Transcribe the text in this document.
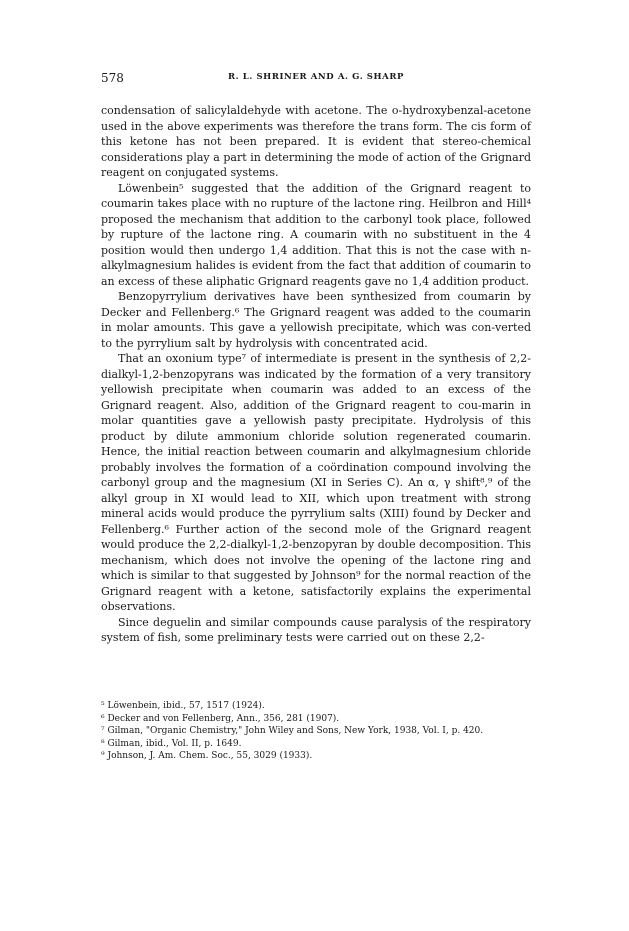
578	R. L. SHRINER AND A. G. SHARP

condensation of salicylaldehyde with acetone. The o-hydroxybenzal-acetone used in the above experiments was therefore the trans form. The cis form of this ketone has not been prepared. It is evident that stereo-chemical considerations play a part in determining the mode of action of the Grignard reagent on conjugated systems.

Löwenbein⁵ suggested that the addition of the Grignard reagent to coumarin takes place with no rupture of the lactone ring. Heilbron and Hill⁴ proposed the mechanism that addition to the carbonyl took place, followed by rupture of the lactone ring. A coumarin with no substituent in the 4 position would then undergo 1,4 addition. That this is not the case with n-alkylmagnesium halides is evident from the fact that addition of coumarin to an excess of these aliphatic Grignard reagents gave no 1,4 addition product.

Benzopyrrylium derivatives have been synthesized from coumarin by Decker and Fellenberg.⁶ The Grignard reagent was added to the coumarin in molar amounts. This gave a yellowish precipitate, which was con-verted to the pyrrylium salt by hydrolysis with concentrated acid.

That an oxonium type⁷ of intermediate is present in the synthesis of 2,2-dialkyl-1,2-benzopyrans was indicated by the formation of a very transitory yellowish precipitate when coumarin was added to an excess of the Grignard reagent. Also, addition of the Grignard reagent to cou-marin in molar quantities gave a yellowish pasty precipitate. Hydrolysis of this product by dilute ammonium chloride solution regenerated coumarin. Hence, the initial reaction between coumarin and alkylmagnesium chloride probably involves the formation of a coördination compound involving the carbonyl group and the magnesium (XI in Series C). An α, γ shift⁸,⁹ of the alkyl group in XI would lead to XII, which upon treatment with strong mineral acids would produce the pyrrylium salts (XIII) found by Decker and Fellenberg.⁶ Further action of the second mole of the Grignard reagent would produce the 2,2-dialkyl-1,2-benzopyran by double decomposition. This mechanism, which does not involve the opening of the lactone ring and which is similar to that suggested by Johnson⁹ for the normal reaction of the Grignard reagent with a ketone, satisfactorily explains the experimental observations.

Since deguelin and similar compounds cause paralysis of the respiratory system of fish, some preliminary tests were carried out on these 2,2-

⁵ Löwenbein, ibid., 57, 1517 (1924).

⁶ Decker and von Fellenberg, Ann., 356, 281 (1907).

⁷ Gilman, "Organic Chemistry," John Wiley and Sons, New York, 1938, Vol. I, p. 420.

⁸ Gilman, ibid., Vol. II, p. 1649.

⁹ Johnson, J. Am. Chem. Soc., 55, 3029 (1933).
